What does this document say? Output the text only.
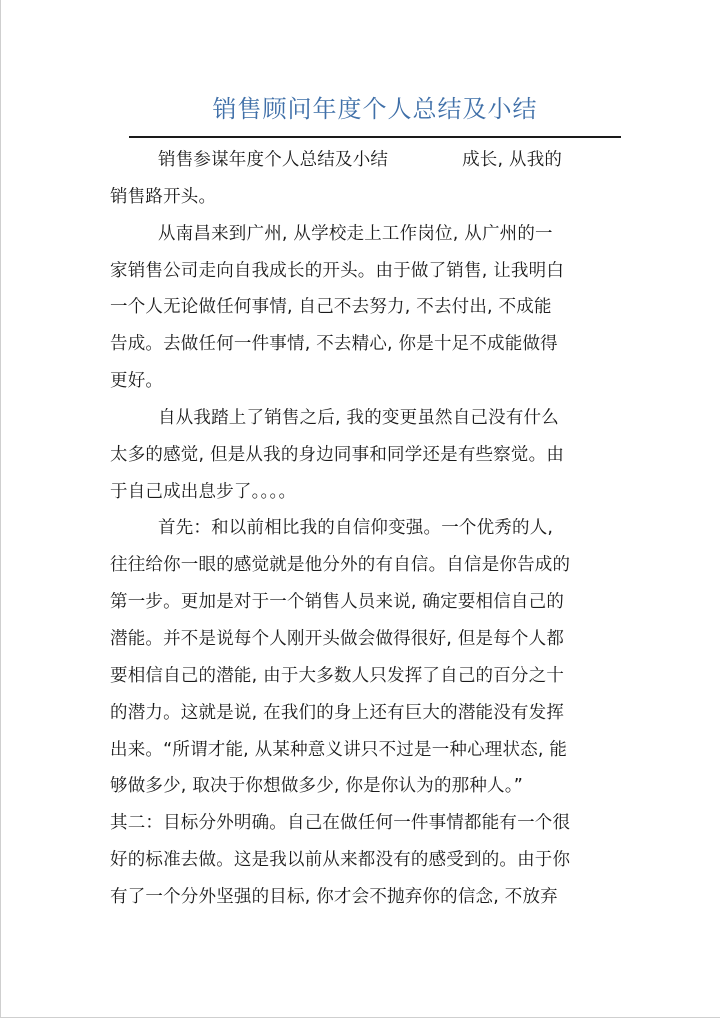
销售顾问年度个人总结及小结
销售参谋年度个人总结及小结	成长, 从我的
销售路开头。
从南昌来到广州, 从学校走上工作岗位, 从广州的一
家销售公司走向自我成长的开头。由于做了销售, 让我明白
一个人无论做任何事情, 自己不去努力, 不去付出, 不成能
告成。去做任何一件事情, 不去精心, 你是十足不成能做得
更好。
自从我踏上了销售之后, 我的变更虽然自己没有什么
太多的感觉, 但是从我的身边同事和同学还是有些察觉。由
于自己成出息步了。。。。
首先：和以前相比我的自信仰变强。一个优秀的人,
往往给你一眼的感觉就是他分外的有自信。自信是你告成的
第一步。更加是对于一个销售人员来说, 确定要相信自己的
潜能。并不是说每个人刚开头做会做得很好, 但是每个人都
要相信自己的潜能, 由于大多数人只发挥了自己的百分之十
的潜力。这就是说, 在我们的身上还有巨大的潜能没有发挥
出来。“所谓才能, 从某种意义讲只不过是一种心理状态, 能
够做多少, 取决于你想做多少, 你是你认为的那种人。”
其二：目标分外明确。自己在做任何一件事情都能有一个很
好的标准去做。这是我以前从来都没有的感受到的。由于你
有了一个分外坚强的目标, 你才会不抛弃你的信念, 不放弃
